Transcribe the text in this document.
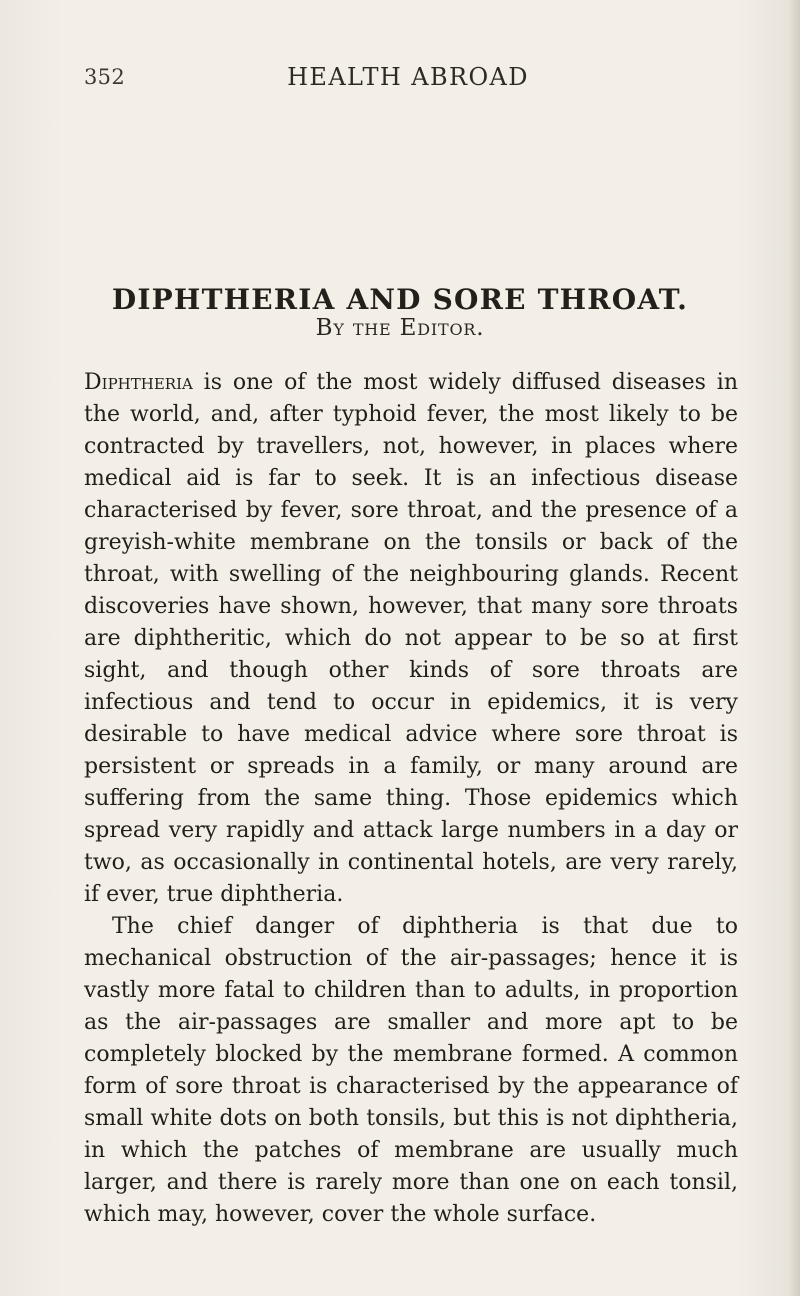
352	HEALTH ABROAD
DIPHTHERIA AND SORE THROAT.
By the Editor.

Diphtheria is one of the most widely diffused diseases in the world, and, after typhoid fever, the most likely to be contracted by travellers, not, however, in places where medical aid is far to seek. It is an infectious disease characterised by fever, sore throat, and the presence of a greyish-white membrane on the tonsils or back of the throat, with swelling of the neighbouring glands. Recent discoveries have shown, however, that many sore throats are diphtheritic, which do not appear to be so at first sight, and though other kinds of sore throats are infectious and tend to occur in epidemics, it is very desirable to have medical advice where sore throat is persistent or spreads in a family, or many around are suffering from the same thing. Those epidemics which spread very rapidly and attack large numbers in a day or two, as occasionally in continental hotels, are very rarely, if ever, true diphtheria.

The chief danger of diphtheria is that due to mechanical obstruction of the air-passages; hence it is vastly more fatal to children than to adults, in proportion as the air-passages are smaller and more apt to be completely blocked by the membrane formed. A common form of sore throat is characterised by the appearance of small white dots on both tonsils, but this is not diphtheria, in which the patches of membrane are usually much larger, and there is rarely more than one on each tonsil, which may, however, cover the whole surface.
